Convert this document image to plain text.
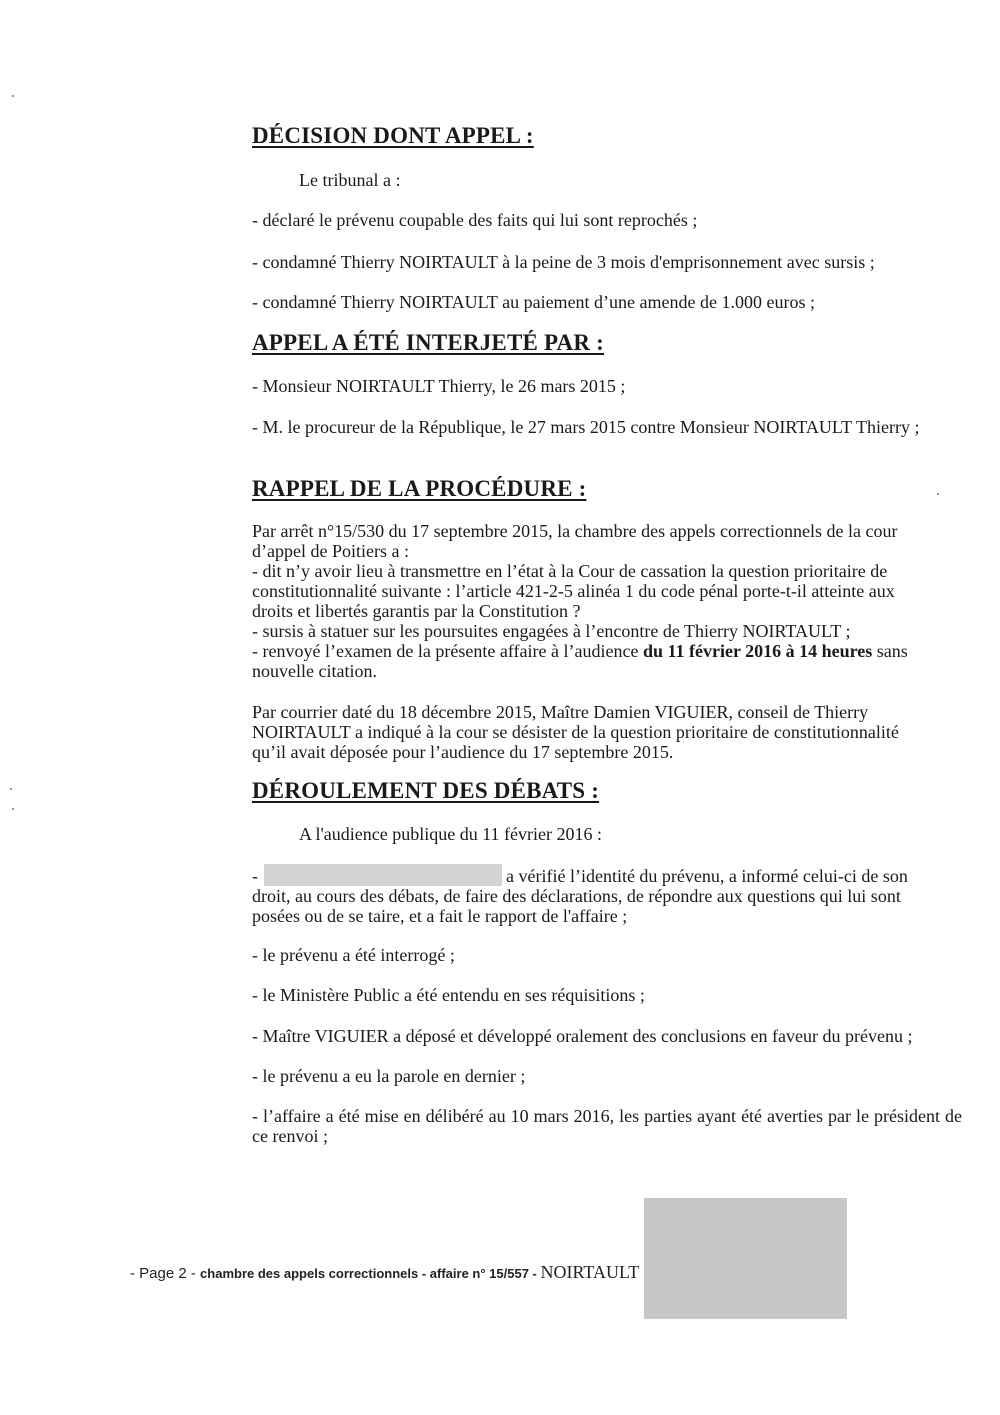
DÉCISION DONT APPEL :

Le tribunal a :

- déclaré le prévenu coupable des faits qui lui sont reprochés ;

- condamné Thierry NOIRTAULT à la peine de 3 mois d'emprisonnement avec sursis ;

- condamné Thierry NOIRTAULT au paiement d’une amende de 1.000 euros ;

APPEL A ÉTÉ INTERJETÉ PAR :

- Monsieur NOIRTAULT Thierry, le 26 mars 2015 ;

- M. le procureur de la République, le 27 mars 2015 contre Monsieur NOIRTAULT Thierry ;

RAPPEL DE LA PROCÉDURE :
Par arrêt n°15/530 du 17 septembre 2015, la chambre des appels correctionnels de la cour
d’appel de Poitiers a :
- dit n’y avoir lieu à transmettre en l’état à la Cour de cassation la question prioritaire de
constitutionnalité suivante : l’article 421-2-5 alinéa 1 du code pénal porte-t-il atteinte aux
droits et libertés garantis par la Constitution ?
- sursis à statuer sur les poursuites engagées à l’encontre de Thierry NOIRTAULT ;
- renvoyé l’examen de la présente affaire à l’audience du 11 février 2016 à 14 heures sans
nouvelle citation.
Par courrier daté du 18 décembre 2015, Maître Damien VIGUIER, conseil de Thierry
NOIRTAULT a indiqué à la cour se désister de la question prioritaire de constitutionnalité
qu’il avait déposée pour l’audience du 17 septembre 2015.
DÉROULEMENT DES DÉBATS :

A l'audience publique du 11 février 2016 :

-	a vérifié l’identité du prévenu, a informé celui-ci de son
droit, au cours des débats, de faire des déclarations, de répondre aux questions qui lui sont
posées ou de se taire, et a fait le rapport de l'affaire ;

- le prévenu a été interrogé ;

- le Ministère Public a été entendu en ses réquisitions ;

- Maître VIGUIER a déposé et développé oralement des conclusions en faveur du prévenu ;

- le prévenu a eu la parole en dernier ;

- l’affaire a été mise en délibéré au 10 mars 2016, les parties ayant été averties par le président de ce renvoi ;

- Page 2 - chambre des appels correctionnels - affaire n° 15/557 - NOIRTAULT
